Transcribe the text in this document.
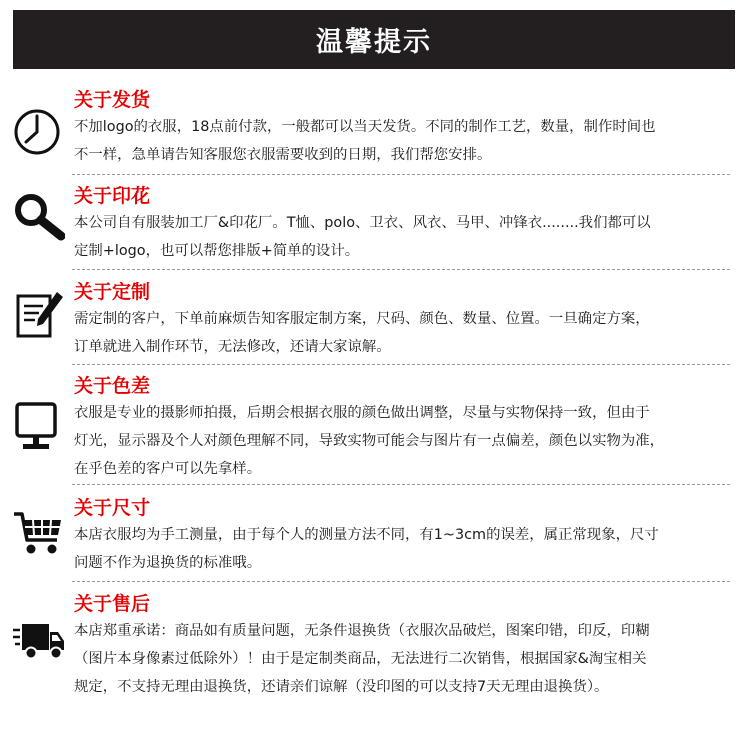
温馨提示
关于发货
不加logo的衣服，18点前付款，一般都可以当天发货。不同的制作工艺，数量，制作时间也
不一样，急单请告知客服您衣服需要收到的日期，我们帮您安排。
关于印花
本公司自有服装加工厂&印花厂。T恤、polo、卫衣、风衣、马甲、冲锋衣........我们都可以
定制+logo，也可以帮您排版+简单的设计。
关于定制
需定制的客户，下单前麻烦告知客服定制方案，尺码、颜色、数量、位置。一旦确定方案，
订单就进入制作环节，无法修改，还请大家谅解。
关于色差
衣服是专业的摄影师拍摄，后期会根据衣服的颜色做出调整，尽量与实物保持一致，但由于
灯光，显示器及个人对颜色理解不同，导致实物可能会与图片有一点偏差，颜色以实物为准，
在乎色差的客户可以先拿样。
关于尺寸
本店衣服均为手工测量，由于每个人的测量方法不同，有1~3cm的误差，属正常现象，尺寸
问题不作为退换货的标准哦。
关于售后
本店郑重承诺：商品如有质量问题，无条件退换货（衣服次品破烂，图案印错，印反，印糊
（图片本身像素过低除外）！由于是定制类商品，无法进行二次销售，根据国家&淘宝相关
规定，不支持无理由退换货，还请亲们谅解（没印图的可以支持7天无理由退换货）。
